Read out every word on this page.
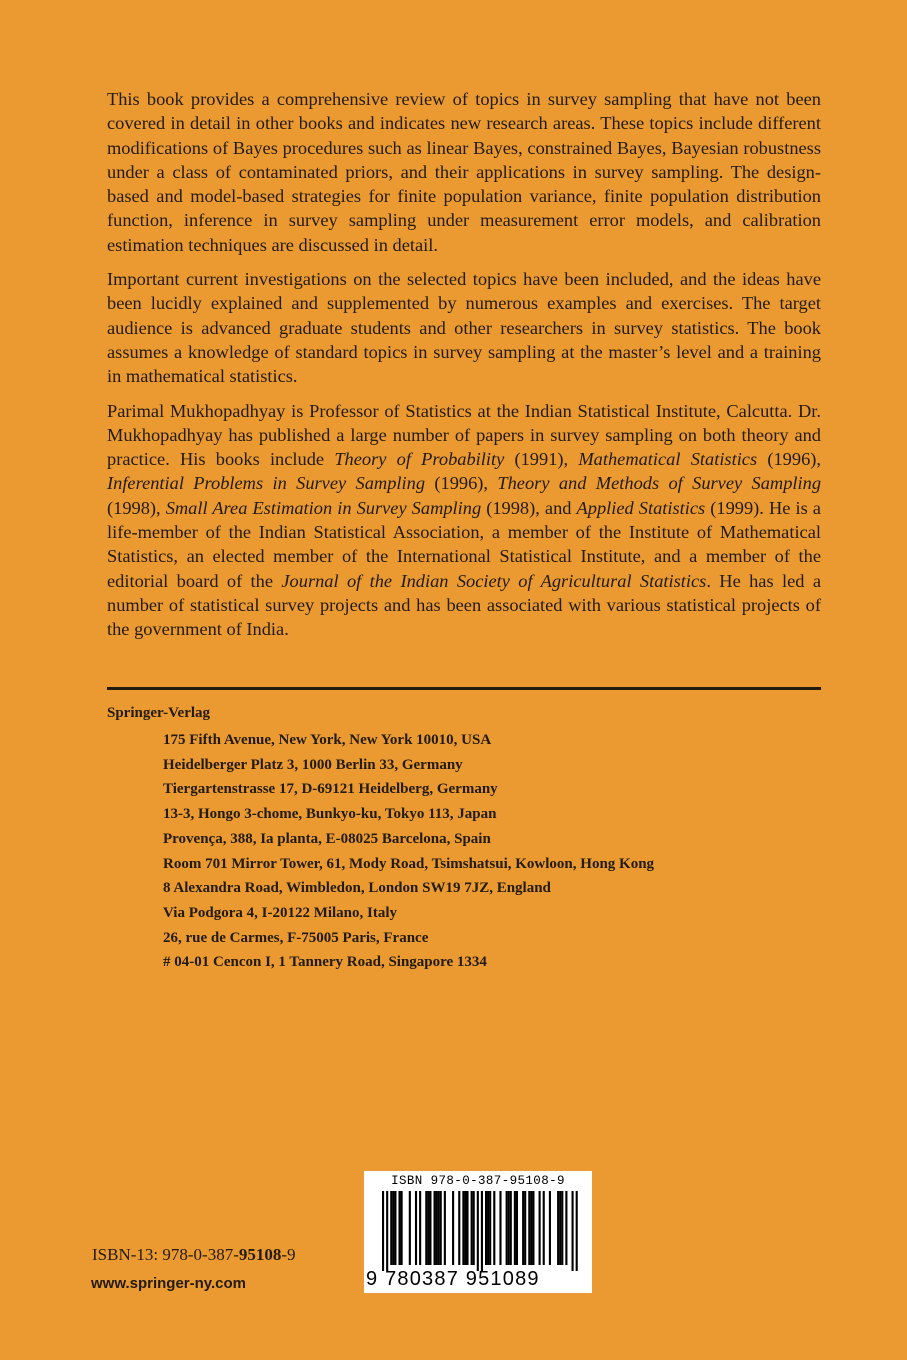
This book provides a comprehensive review of topics in survey sampling that have not been covered in detail in other books and indicates new research areas. These topics include different modifications of Bayes procedures such as linear Bayes, constrained Bayes, Bayesian robustness under a class of contaminated priors, and their applications in survey sampling. The design-based and model-based strategies for finite population variance, finite population distribution function, inference in survey sampling under measurement error models, and calibration estimation techniques are discussed in detail.

Important current investigations on the selected topics have been included, and the ideas have been lucidly explained and supplemented by numerous examples and exercises. The target audience is advanced graduate students and other researchers in survey statistics. The book assumes a knowledge of standard topics in survey sampling at the master’s level and a training in mathematical statistics.

Parimal Mukhopadhyay is Professor of Statistics at the Indian Statistical Institute, Calcutta. Dr. Mukhopadhyay has published a large number of papers in survey sampling on both theory and practice. His books include Theory of Probability (1991), Mathematical Statistics (1996), Inferential Problems in Survey Sampling (1996), Theory and Methods of Survey Sampling (1998), Small Area Estimation in Survey Sampling (1998), and Applied Statistics (1999). He is a life-member of the Indian Statistical Association, a member of the Institute of Mathematical Statistics, an elected member of the International Statistical Institute, and a member of the editorial board of the Journal of the Indian Society of Agricultural Statistics. He has led a number of statistical survey projects and has been associated with various statistical projects of the government of India.

Springer-Verlag
175 Fifth Avenue, New York, New York 10010, USA
Heidelberger Platz 3, 1000 Berlin 33, Germany
Tiergartenstrasse 17, D-69121 Heidelberg, Germany
13-3, Hongo 3-chome, Bunkyo-ku, Tokyo 113, Japan
Provença, 388, Ia planta, E-08025 Barcelona, Spain
Room 701 Mirror Tower, 61, Mody Road, Tsimshatsui, Kowloon, Hong Kong
8 Alexandra Road, Wimbledon, London SW19 7JZ, England
Via Podgora 4, I-20122 Milano, Italy
26, rue de Carmes, F-75005 Paris, France
# 04-01 Cencon I, 1 Tannery Road, Singapore 1334
ISBN-13: 978-0-387-95108-9
www.springer-ny.com
ISBN 978-0-387-95108-9
9 780387 951089
